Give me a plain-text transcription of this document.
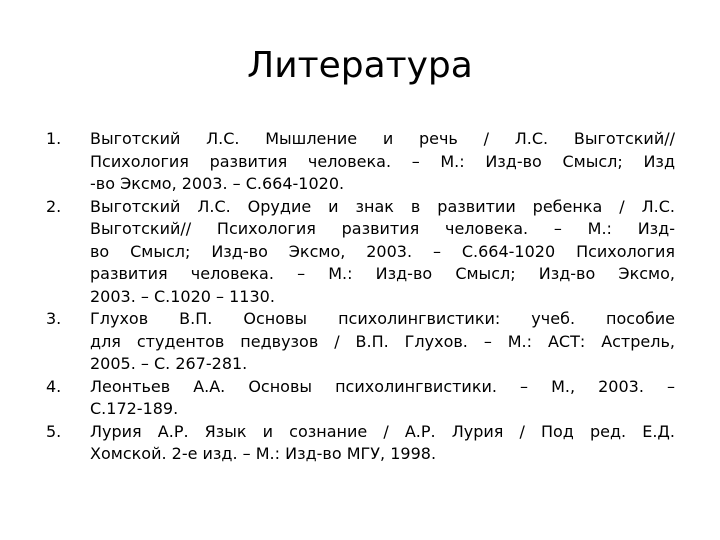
Литература
1.	Выготский Л.С. Мышление и речь / Л.С. Выготский//
Психология развития человека. – М.: Изд-во Смысл; Изд
-во Эксмо, 2003. – С.664-1020.
2.	Выготский Л.С. Орудие и знак в развитии ребенка / Л.С.
Выготский// Психология развития человека. – М.: Изд-
во Смысл; Изд-во Эксмо, 2003. – С.664-1020 Психология
развития человека. – М.: Изд-во Смысл; Изд-во Эксмо,
2003. – С.1020 – 1130.
3.	Глухов В.П. Основы психолингвистики: учеб. пособие
для студентов педвузов / В.П. Глухов. – М.: АСТ: Астрель,
2005. – С. 267-281.
4.	Леонтьев А.А. Основы психолингвистики. – М., 2003. –
С.172-189.
5.	Лурия А.Р. Язык и сознание / А.Р. Лурия / Под ред. Е.Д.
Хомской. 2-е изд. – М.: Изд-во МГУ, 1998.
